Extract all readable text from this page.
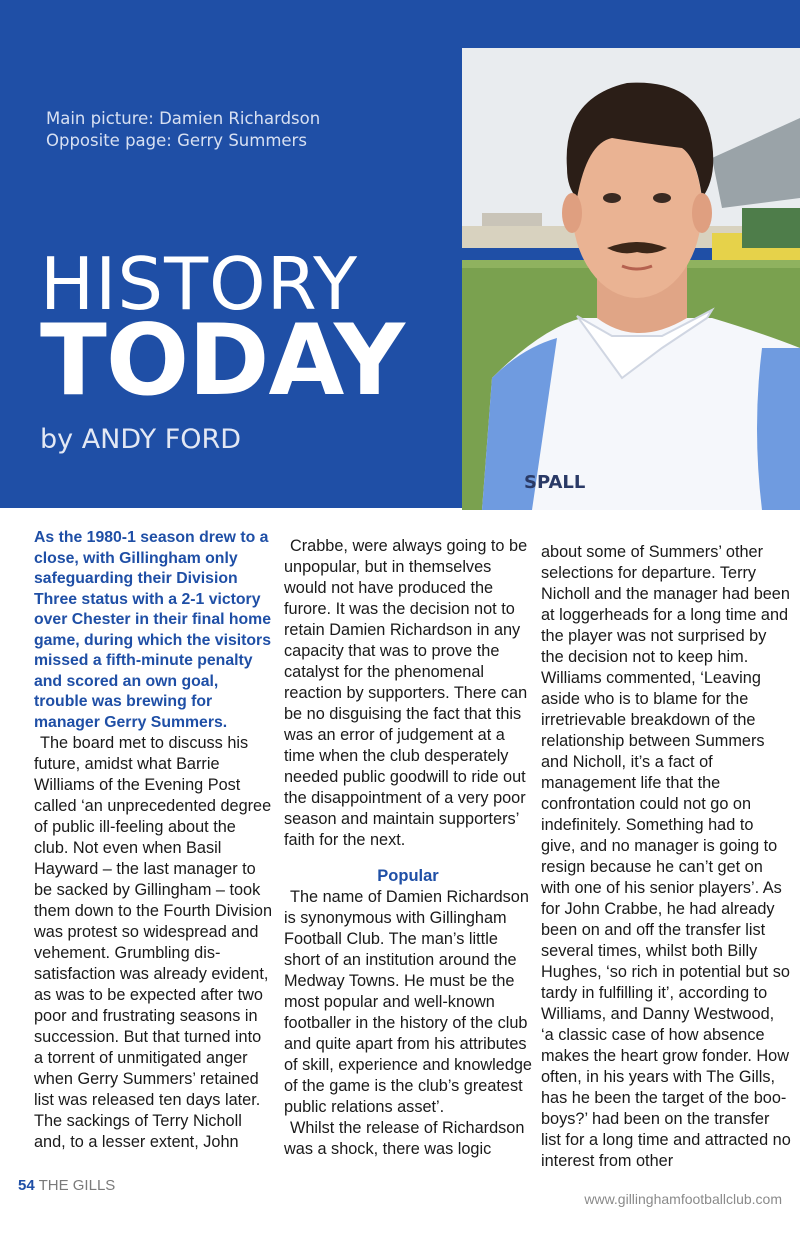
Main picture: Damien Richardson
Opposite page: Gerry Summers
HISTORY
TODAY
by ANDY FORD
SPALL

As the 1980-1 season drew to a close, with Gillingham only safeguarding their Division Three status with a 2-1 victory over Chester in their final home game, during which the visitors missed a fifth-minute penalty and scored an own goal, trouble was brewing for manager Gerry Summers.

The board met to discuss his future, amidst what Barrie Williams of the Evening Post called ‘an unprecedented degree of public ill-feeling about the club. Not even when Basil Hayward – the last manager to be sacked by Gillingham – took them down to the Fourth Division was protest so widespread and vehement. Grumbling dis-satisfaction was already evident, as was to be expected after two poor and frustrating seasons in succession. But that turned into a torrent of unmitigated anger when Gerry Summers’ retained list was released ten days later. The sackings of Terry Nicholl and, to a lesser extent, John

Crabbe, were always going to be unpopular, but in themselves would not have produced the furore. It was the decision not to retain Damien Richardson in any capacity that was to prove the catalyst for the phenomenal reaction by supporters. There can be no disguising the fact that this was an error of judgement at a time when the club desperately needed public goodwill to ride out the disappointment of a very poor season and maintain supporters’ faith for the next.

Popular

The name of Damien Richardson is synonymous with Gillingham Football Club. The man’s little short of an institution around the Medway Towns. He must be the most popular and well-known footballer in the history of the club and quite apart from his attributes of skill, experience and knowledge of the game is the club’s greatest public relations asset’.

Whilst the release of Richardson was a shock, there was logic

about some of Summers’ other selections for departure. Terry Nicholl and the manager had been at loggerheads for a long time and the player was not surprised by the decision not to keep him. Williams commented, ‘Leaving aside who is to blame for the irretrievable breakdown of the relationship between Summers and Nicholl, it’s a fact of management life that the confrontation could not go on indefinitely. Something had to give, and no manager is going to resign because he can’t get on with one of his senior players’. As for John Crabbe, he had already been on and off the transfer list several times, whilst both Billy Hughes, ‘so rich in potential but so tardy in fulfilling it’, according to Williams, and Danny Westwood, ‘a classic case of how absence makes the heart grow fonder. How often, in his years with The Gills, has he been the target of the boo-boys?’ had been on the transfer list for a long time and attracted no interest from other

54 THE GILLS
www.gillinghamfootballclub.com
